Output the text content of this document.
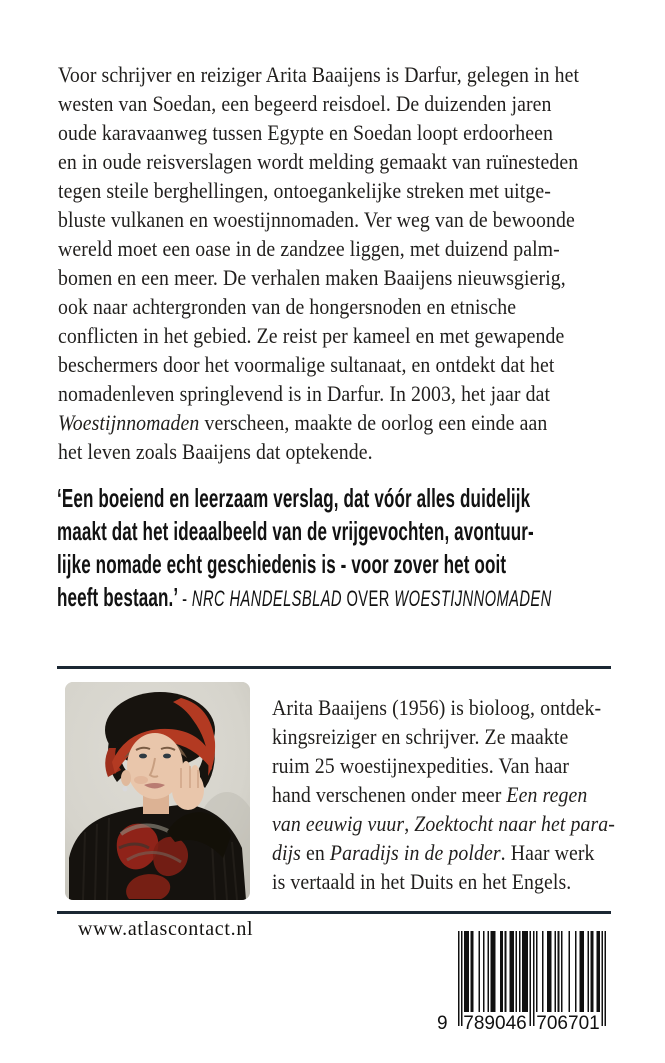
Voor schrijver en reiziger Arita Baaijens is Darfur, gelegen in het
westen van Soedan, een begeerd reisdoel. De duizenden jaren
oude karavaanweg tussen Egypte en Soedan loopt erdoorheen
en in oude reisverslagen wordt melding gemaakt van ruïnesteden
tegen steile berghellingen, ontoegankelijke streken met uitge-
bluste vulkanen en woestijnnomaden. Ver weg van de bewoonde
wereld moet een oase in de zandzee liggen, met duizend palm-
bomen en een meer. De verhalen maken Baaijens nieuwsgierig,
ook naar achtergronden van de hongersnoden en etnische
conflicten in het gebied. Ze reist per kameel en met gewapende
beschermers door het voormalige sultanaat, en ontdekt dat het
nomadenleven springlevend is in Darfur. In 2003, het jaar dat
Woestijnnomaden verscheen, maakte de oorlog een einde aan
het leven zoals Baaijens dat optekende.
‘Een boeiend en leerzaam verslag, dat vóór alles duidelijk
maakt dat het ideaalbeeld van de vrijgevochten, avontuur-
lijke nomade echt geschiedenis is - voor zover het ooit
heeft bestaan.’ - NRC HANDELSBLAD OVER WOESTIJNNOMADEN
Arita Baaijens (1956) is bioloog, ontdek-
kingsreiziger en schrijver. Ze maakte
ruim 25 woestijnexpedities. Van haar
hand verschenen onder meer Een regen
van eeuwig vuur, Zoektocht naar het para-
dijs en Paradijs in de polder. Haar werk
is vertaald in het Duits en het Engels.
www.atlascontact.nl
9 789046 706701
